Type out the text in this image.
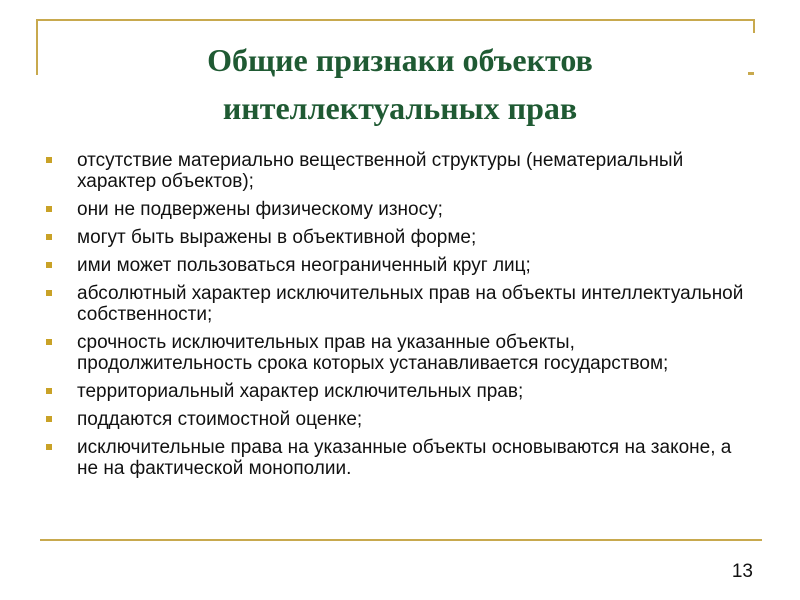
Общие признаки объектов
интеллектуальных прав
отсутствие материально вещественной структуры (нематериальный характер объектов);
они не подвержены физическому износу;
могут быть выражены в объективной форме;
ими может пользоваться неограниченный круг лиц;
абсолютный характер исключительных прав на объекты интеллектуальной собственности;
срочность исключительных прав на указанные объекты, продолжительность срока которых устанавливается государством;
территориальный характер исключительных прав;
поддаются стоимостной оценке;
исключительные права на указанные объекты основываются на законе, а не на фактической монополии.
13
